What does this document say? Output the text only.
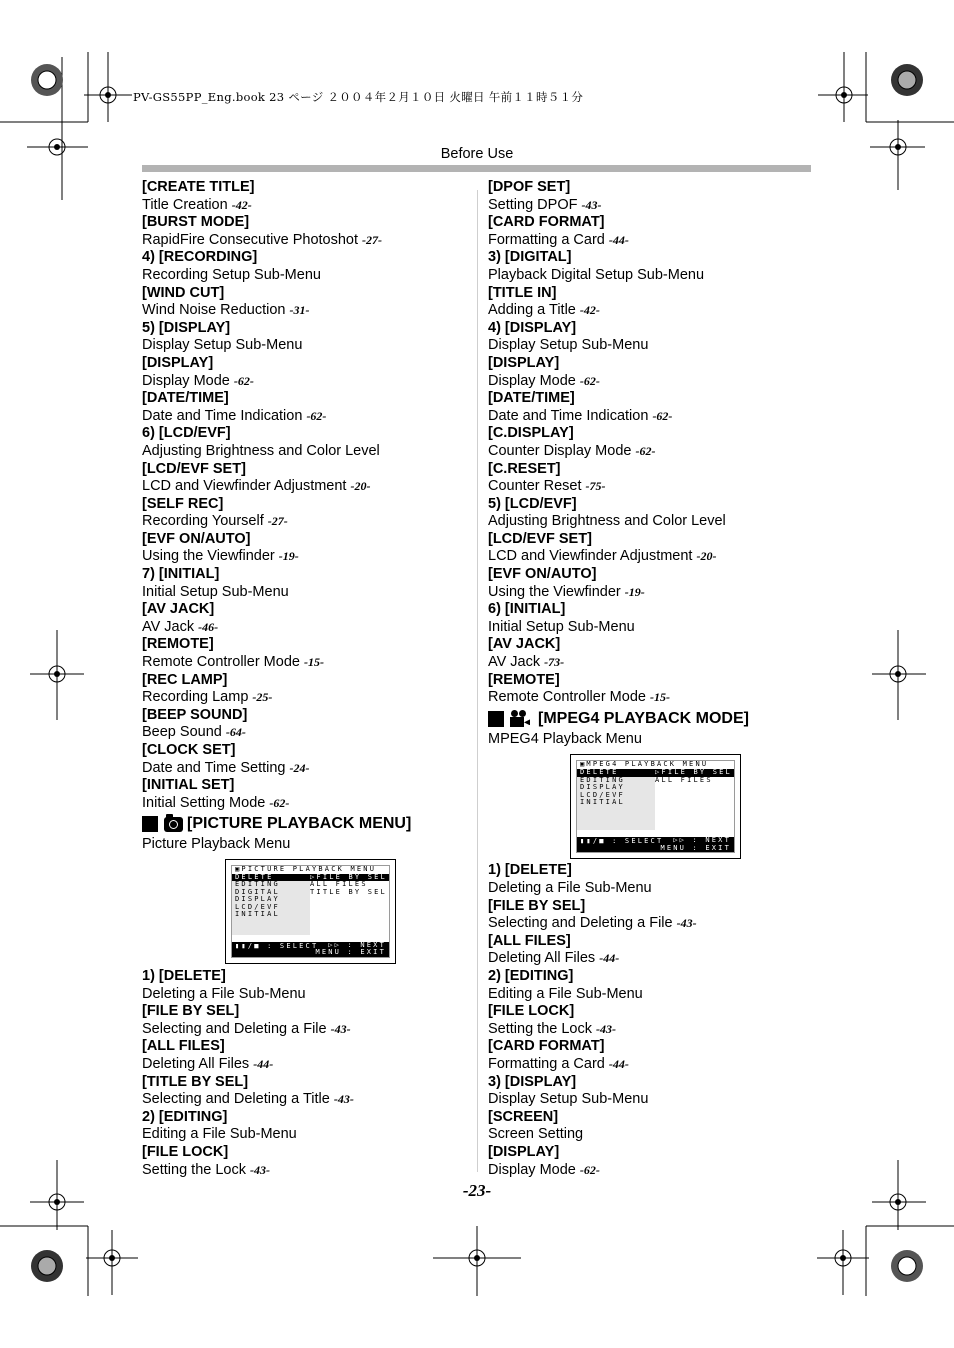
PV-GS55PP_Eng.book 23 ページ ２００４年２月１０日 火曜日 午前１１時５１分
Before Use
[CREATE TITLE]
Title Creation -42-
[BURST MODE]
RapidFire Consecutive Photoshot -27-
4) [RECORDING]
Recording Setup Sub-Menu
[WIND CUT]
Wind Noise Reduction -31-
5) [DISPLAY]
Display Setup Sub-Menu
[DISPLAY]
Display Mode -62-
[DATE/TIME]
Date and Time Indication -62-
6) [LCD/EVF]
Adjusting Brightness and Color Level
[LCD/EVF SET]
LCD and Viewfinder Adjustment -20-
[SELF REC]
Recording Yourself -27-
[EVF ON/AUTO]
Using the Viewfinder -19-
7) [INITIAL]
Initial Setup Sub-Menu
[AV JACK]
AV Jack -46-
[REMOTE]
Remote Controller Mode -15-
[REC LAMP]
Recording Lamp -25-
[BEEP SOUND]
Beep Sound -64-
[CLOCK SET]
Date and Time Setting -24-
[INITIAL SET]
Initial Setting Mode -62-
[PICTURE PLAYBACK MENU]
Picture Playback Menu
▣PICTURE PLAYBACK MENU
DELETE
EDITING
DIGITAL
DISPLAY
LCD/EVF
INITIAL
▷FILE BY SEL
ALL FILES
TITLE BY SEL
▮▮/■ : SELECT	▷▷ : NEXT
MENU : EXIT
1) [DELETE]
Deleting a File Sub-Menu
[FILE BY SEL]
Selecting and Deleting a File -43-
[ALL FILES]
Deleting All Files -44-
[TITLE BY SEL]
Selecting and Deleting a Title -43-
2) [EDITING]
Editing a File Sub-Menu
[FILE LOCK]
Setting the Lock -43-
[DPOF SET]
Setting DPOF -43-
[CARD FORMAT]
Formatting a Card -44-
3) [DIGITAL]
Playback Digital Setup Sub-Menu
[TITLE IN]
Adding a Title -42-
4) [DISPLAY]
Display Setup Sub-Menu
[DISPLAY]
Display Mode -62-
[DATE/TIME]
Date and Time Indication -62-
[C.DISPLAY]
Counter Display Mode -62-
[C.RESET]
Counter Reset -75-
5) [LCD/EVF]
Adjusting Brightness and Color Level
[LCD/EVF SET]
LCD and Viewfinder Adjustment -20-
[EVF ON/AUTO]
Using the Viewfinder -19-
6) [INITIAL]
Initial Setup Sub-Menu
[AV JACK]
AV Jack -73-
[REMOTE]
Remote Controller Mode -15-
[MPEG4 PLAYBACK MODE]
MPEG4 Playback Menu
▣MPEG4 PLAYBACK MENU
DELETE
EDITING
DISPLAY
LCD/EVF
INITIAL
▷FILE BY SEL
ALL FILES
▮▮/■ : SELECT	▷▷ : NEXT
MENU : EXIT
1) [DELETE]
Deleting a File Sub-Menu
[FILE BY SEL]
Selecting and Deleting a File -43-
[ALL FILES]
Deleting All Files -44-
2) [EDITING]
Editing a File Sub-Menu
[FILE LOCK]
Setting the Lock -43-
[CARD FORMAT]
Formatting a Card -44-
3) [DISPLAY]
Display Setup Sub-Menu
[SCREEN]
Screen Setting
[DISPLAY]
Display Mode -62-
-23-
